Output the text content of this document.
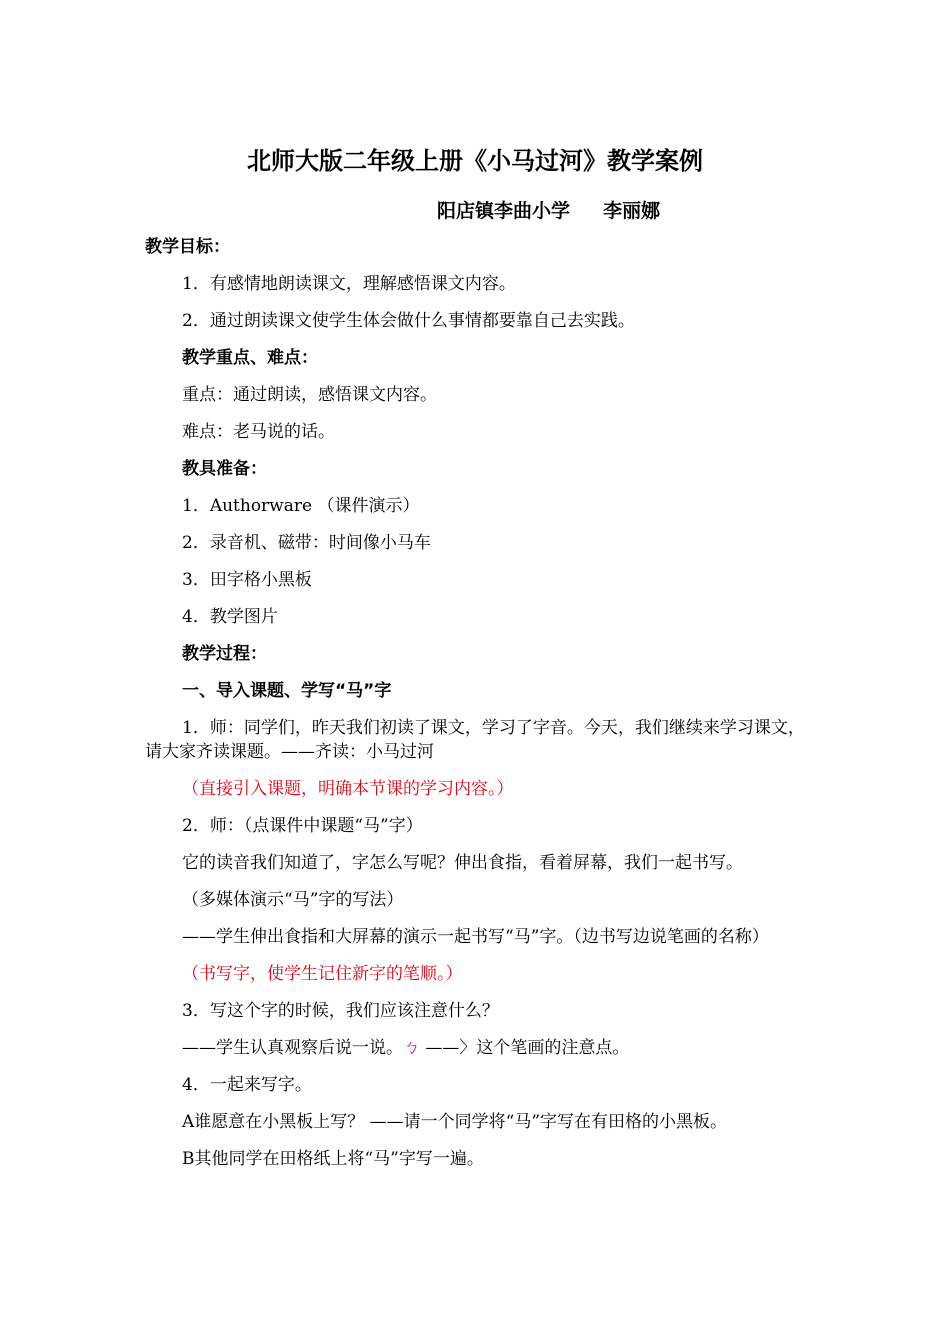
北师大版二年级上册《小马过河》教学案例
阳店镇李曲小学     李丽娜

教学目标：

1．有感情地朗读课文，理解感悟课文内容。

2．通过朗读课文使学生体会做什么事情都要靠自己去实践。

教学重点、难点：

重点：通过朗读，感悟课文内容。

难点：老马说的话。

教具准备：

1．Authorware （课件演示）

2．录音机、磁带：时间像小马车

3．田字格小黑板

4．教学图片

教学过程：

一、导入课题、学写“马”字

1．师：同学们，昨天我们初读了课文，学习了字音。今天，我们继续来学习课文，请大家齐读课题。——齐读：小马过河

（直接引入课题，明确本节课的学习内容。）

2．师：（点课件中课题“马”字）

它的读音我们知道了，字怎么写呢？伸出食指，看着屏幕，我们一起书写。

（多媒体演示“马”字的写法）

——学生伸出食指和大屏幕的演示一起书写“马”字。（边书写边说笔画的名称）

（书写字，使学生记住新字的笔顺。）

3．写这个字的时候，我们应该注意什么？

——学生认真观察后说一说。ㄅ ——〉这个笔画的注意点。

4．一起来写字。

A谁愿意在小黑板上写？ ——请一个同学将“马”字写在有田格的小黑板。

B其他同学在田格纸上将“马”字写一遍。
